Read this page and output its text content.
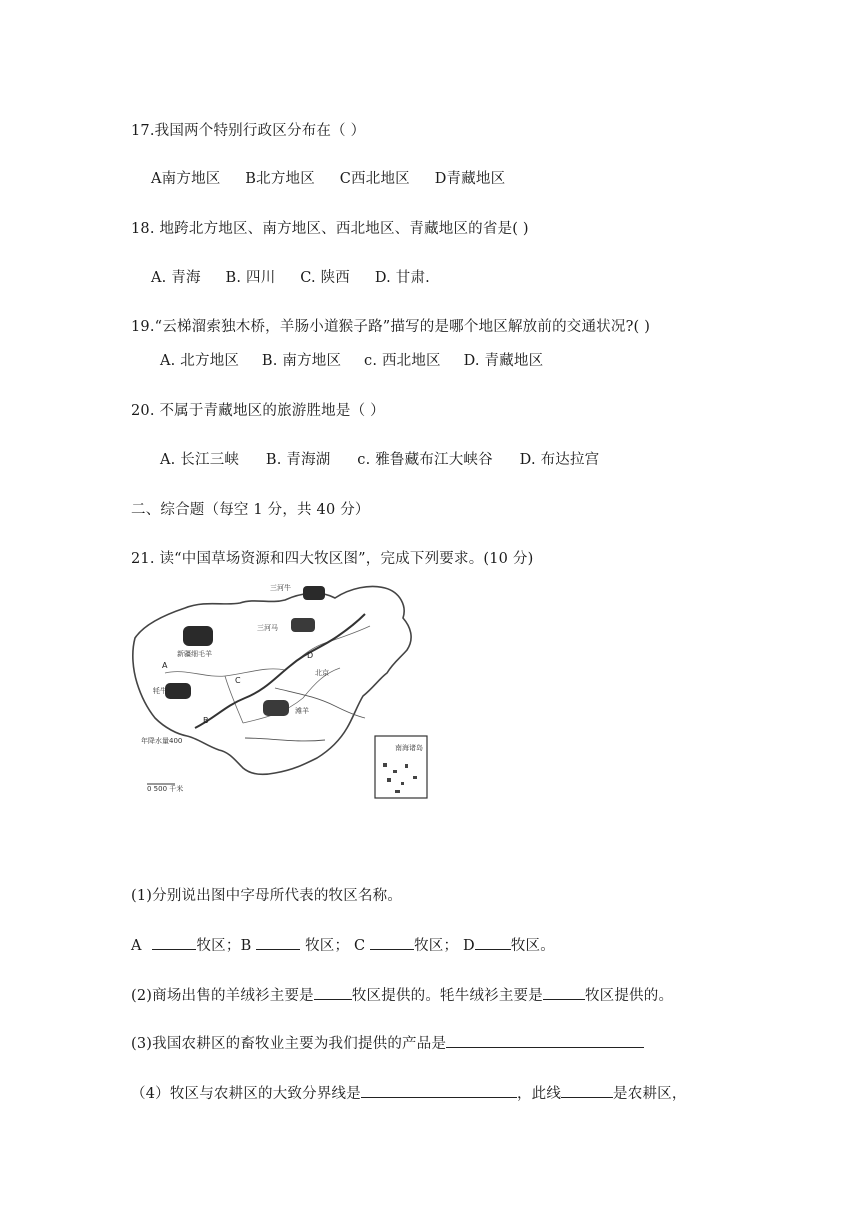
17.我国两个特别行政区分布在（ ）
A南方地区 B北方地区 C西北地区 D青藏地区
18. 地跨北方地区、南方地区、西北地区、青藏地区的省是( )
A. 青海 B. 四川 C. 陕西 D. 甘肃.
19.“云梯溜索独木桥，羊肠小道猴子路”描写的是哪个地区解放前的交通状况?( )
A. 北方地区 B. 南方地区 c. 西北地区 D. 青藏地区
20. 不属于青藏地区的旅游胜地是（ ）
A. 长江三峡 B. 青海湖 c. 雅鲁藏布江大峡谷 D. 布达拉宫
二、综合题（每空 1 分，共 40 分）
21. 读“中国草场资源和四大牧区图”，完成下列要求。(10 分)
三河牛
三河马
新疆细毛羊
牦牛
滩羊
北京
年降水量400
0 500 千米
A
B
C
D
南海诸岛
(1)分别说出图中字母所代表的牧区名称。
A	牧区；B	牧区； C	牧区； D 牧区。
(2)商场出售的羊绒衫主要是	牧区提供的。牦牛绒衫主要是	牧区提供的。
(3)我国农耕区的畜牧业主要为我们提供的产品是
（4）牧区与农耕区的大致分界线是	，此线	是农耕区，
